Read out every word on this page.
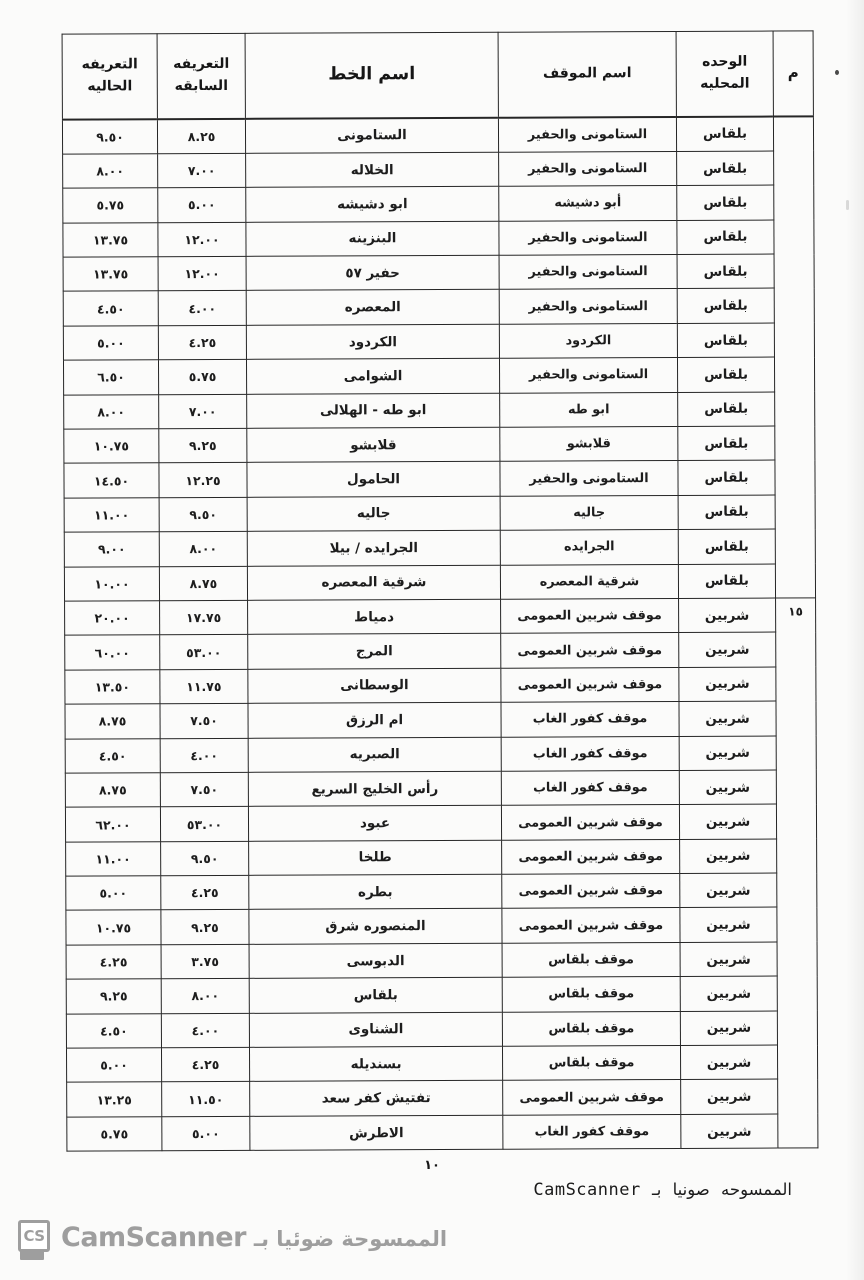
م	الوحده المحليه	اسم الموقف	اسم الخط	التعريفه السابقه	التعريفه الحاليه
	بلقاس	الستامونى والحفير	الستامونى	٨.٢٥	٩.٥٠
	بلقاس	الستامونى والحفير	الخلاله	٧.٠٠	٨.٠٠
	بلقاس	أبو دشيشه	ابو دشيشه	٥.٠٠	٥.٧٥
	بلقاس	الستامونى والحفير	البنزينه	١٢.٠٠	١٣.٧٥
	بلقاس	الستامونى والحفير	حفير ٥٧	١٢.٠٠	١٣.٧٥
	بلقاس	الستامونى والحفير	المعصره	٤.٠٠	٤.٥٠
	بلقاس	الكردود	الكردود	٤.٢٥	٥.٠٠
	بلقاس	الستامونى والحفير	الشوامى	٥.٧٥	٦.٥٠
	بلقاس	ابو طه	ابو طه - الهلالى	٧.٠٠	٨.٠٠
	بلقاس	قلابشو	قلابشو	٩.٢٥	١٠.٧٥
	بلقاس	الستامونى والحفير	الحامول	١٢.٢٥	١٤.٥٠
	بلقاس	جاليه	جاليه	٩.٥٠	١١.٠٠
	بلقاس	الجرايده	الجرايده / بيلا	٨.٠٠	٩.٠٠
	بلقاس	شرقية المعصره	شرقية المعصره	٨.٧٥	١٠.٠٠
١٥	شربين	موقف شربين العمومى	دمياط	١٧.٧٥	٢٠.٠٠
	شربين	موقف شربين العمومى	المرج	٥٣.٠٠	٦٠.٠٠
	شربين	موقف شربين العمومى	الوسطانى	١١.٧٥	١٣.٥٠
	شربين	موقف كفور الغاب	ام الرزق	٧.٥٠	٨.٧٥
	شربين	موقف كفور الغاب	الصبريه	٤.٠٠	٤.٥٠
	شربين	موقف كفور الغاب	رأس الخليج السريع	٧.٥٠	٨.٧٥
	شربين	موقف شربين العمومى	عبود	٥٣.٠٠	٦٢.٠٠
	شربين	موقف شربين العمومى	طلخا	٩.٥٠	١١.٠٠
	شربين	موقف شربين العمومى	بطره	٤.٢٥	٥.٠٠
	شربين	موقف شربين العمومى	المنصوره شرق	٩.٢٥	١٠.٧٥
	شربين	موقف بلقاس	الدبوسى	٣.٧٥	٤.٢٥
	شربين	موقف بلقاس	بلقاس	٨.٠٠	٩.٢٥
	شربين	موقف بلقاس	الشناوى	٤.٠٠	٤.٥٠
	شربين	موقف بلقاس	بسنديله	٤.٢٥	٥.٠٠
	شربين	موقف شربين العمومى	تفتيش كفر سعد	١١.٥٠	١٣.٢٥
	شربين	موقف كفور الغاب	الاطرش	٥.٠٠	٥.٧٥
١٠
الممسوحه صونيا بـ CamScanner
CS CamScanner الممسوحة ضوئيا بـ
